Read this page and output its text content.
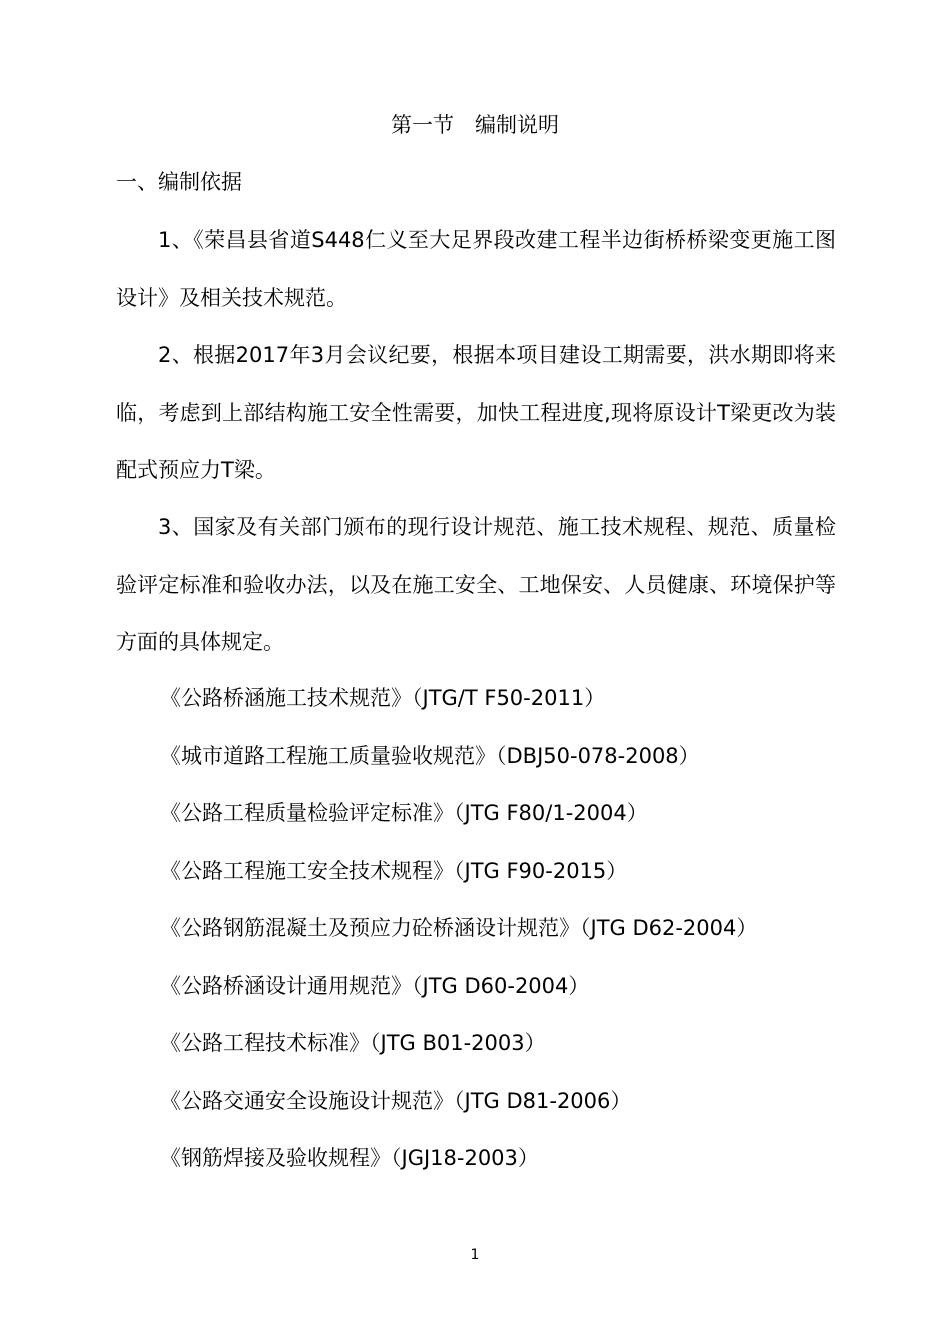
第一节　编制说明
一、编制依据

1、《荣昌县省道S448仁义至大足界段改建工程半边街桥桥梁变更施工图设计》及相关技术规范。

2、根据2017年3月会议纪要，根据本项目建设工期需要，洪水期即将来临，考虑到上部结构施工安全性需要，加快工程进度,现将原设计T梁更改为装配式预应力T梁。

3、国家及有关部门颁布的现行设计规范、施工技术规程、规范、质量检验评定标准和验收办法，以及在施工安全、工地保安、人员健康、环境保护等方面的具体规定。

《公路桥涵施工技术规范》（JTG/T F50-2011）
《城市道路工程施工质量验收规范》（DBJ50-078-2008）
《公路工程质量检验评定标准》（JTG F80/1-2004）
《公路工程施工安全技术规程》（JTG F90-2015）
《公路钢筋混凝土及预应力砼桥涵设计规范》（JTG D62-2004）
《公路桥涵设计通用规范》（JTG D60-2004）
《公路工程技术标准》（JTG B01-2003）
《公路交通安全设施设计规范》（JTG D81-2006）
《钢筋焊接及验收规程》（JGJ18-2003）
1
